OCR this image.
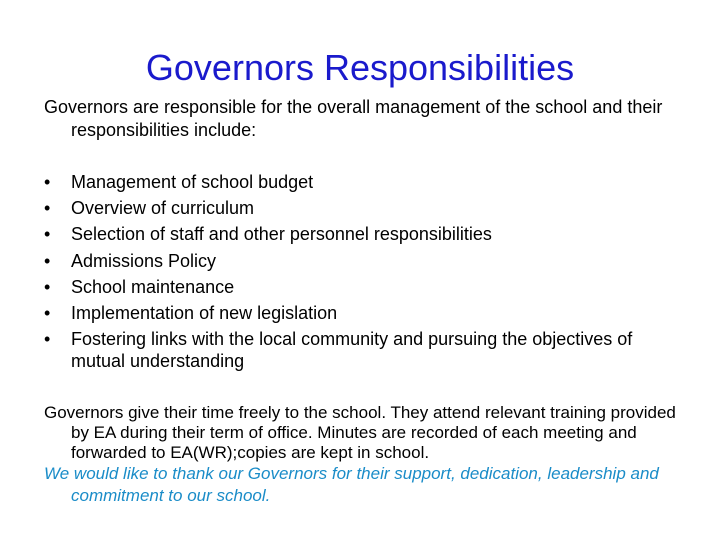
Governors Responsibilities
Governors are responsible for the overall management of the school and their responsibilities include:
•	Management of school budget
•	Overview of curriculum
•	Selection of staff and other personnel responsibilities
•	Admissions Policy
•	School maintenance
•	Implementation of new legislation
•	Fostering links with the local community and pursuing the objectives of mutual understanding

Governors give their time freely to the school. They attend relevant training provided by EA during their term of office. Minutes are recorded of each meeting and forwarded to EA(WR);copies are kept in school.

We would like to thank our Governors for their support, dedication, leadership and commitment to our school.
